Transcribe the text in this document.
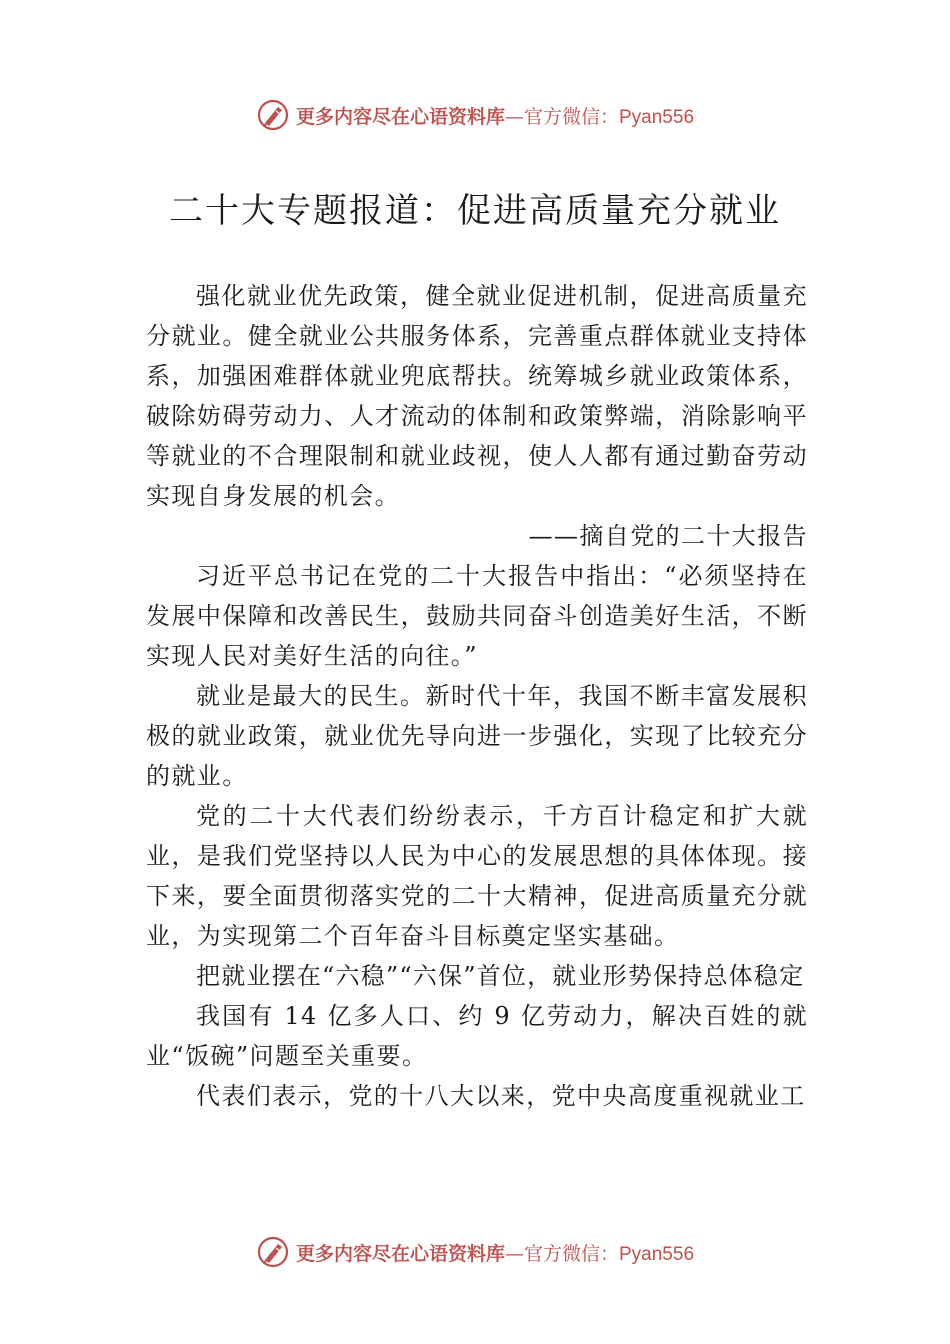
更多内容尽在心语资料库—官方微信：Pyan556
二十大专题报道：促进高质量充分就业

强化就业优先政策，健全就业促进机制，促进高质量充分就业。健全就业公共服务体系，完善重点群体就业支持体系，加强困难群体就业兜底帮扶。统筹城乡就业政策体系， 破除妨碍劳动力、人才流动的体制和政策弊端，消除影响平等就业的不合理限制和就业歧视，使人人都有通过勤奋劳动实现自身发展的机会。

——摘自党的二十大报告

习近平总书记在党的二十大报告中指出：“必须坚持在发展中保障和改善民生，鼓励共同奋斗创造美好生活，不断实现人民对美好生活的向往。”

就业是最大的民生。新时代十年，我国不断丰富发展积极的就业政策，就业优先导向进一步强化，实现了比较充分的就业。

党的二十大代表们纷纷表示，千方百计稳定和扩大就业，是我们党坚持以人民为中心的发展思想的具体体现。接下来，要全面贯彻落实党的二十大精神，促进高质量充分就业，为实现第二个百年奋斗目标奠定坚实基础。

把就业摆在“六稳”“六保”首位，就业形势保持总体稳定

我国有 14 亿多人口、约 9 亿劳动力，解决百姓的就业“饭碗”问题至关重要。

代表们表示，党的十八大以来，党中央高度重视就业工

更多内容尽在心语资料库—官方微信：Pyan556
